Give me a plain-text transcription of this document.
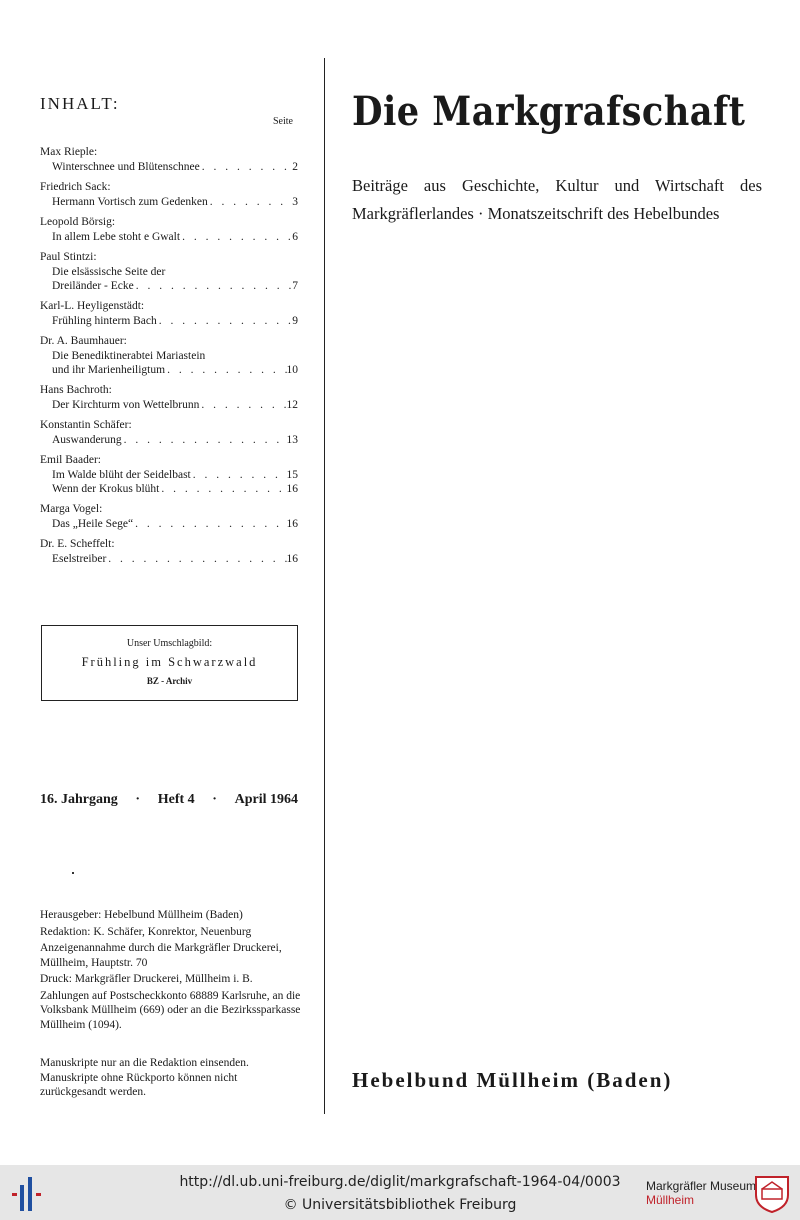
INHALT:
Seite
Max Rieple:
Winterschnee und Blütenschnee . . .	2
Friedrich Sack:
Hermann Vortisch zum Gedenken . . .	3
Leopold Börsig:
In allem Lebe stoht e Gwalt . . .	6
Paul Stintzi:
Die elsässische Seite der
Dreiländer - Ecke . . .	7
Karl-L. Heyligenstädt:
Frühling hinterm Bach . . .	9
Dr. A. Baumhauer:
Die Benediktinerabtei Mariastein
und ihr Marienheiligtum . . .	10
Hans Bachroth:
Der Kirchturm von Wettelbrunn . . .	12
Konstantin Schäfer:
Auswanderung . . .	13
Emil Baader:
Im Walde blüht der Seidelbast . . .	15
Wenn der Krokus blüht . . .	16
Marga Vogel:
Das „Heile Sege“ . . .	16
Dr. E. Scheffelt:
Eselstreiber . . .	16
Unser Umschlagbild:
Frühling im Schwarzwald
BZ - Archiv
16. Jahrgang · Heft 4 · April 1964

Herausgeber: Hebelbund Müllheim (Baden)

Redaktion: K. Schäfer, Konrektor, Neuenburg

Anzeigenannahme durch die Markgräfler Druckerei, Müllheim, Hauptstr. 70

Druck: Markgräfler Druckerei, Müllheim i. B.

Zahlungen auf Postscheckkonto 68889 Karlsruhe, an die Volksbank Müllheim (669) oder an die Bezirkssparkasse Müllheim (1094).

Manuskripte nur an die Redaktion einsenden.

Manuskripte ohne Rückporto können nicht zurückgesandt werden.

Die Markgrafschaft
Beiträge aus Geschichte, Kultur und Wirtschaft des Markgräflerlandes · Monatszeitschrift des Hebelbundes
Hebelbund Müllheim (Baden)
http://dl.ub.uni-freiburg.de/diglit/markgrafschaft-1964-04/0003
© Universitätsbibliothek Freiburg
Markgräfler Museum
Müllheim
